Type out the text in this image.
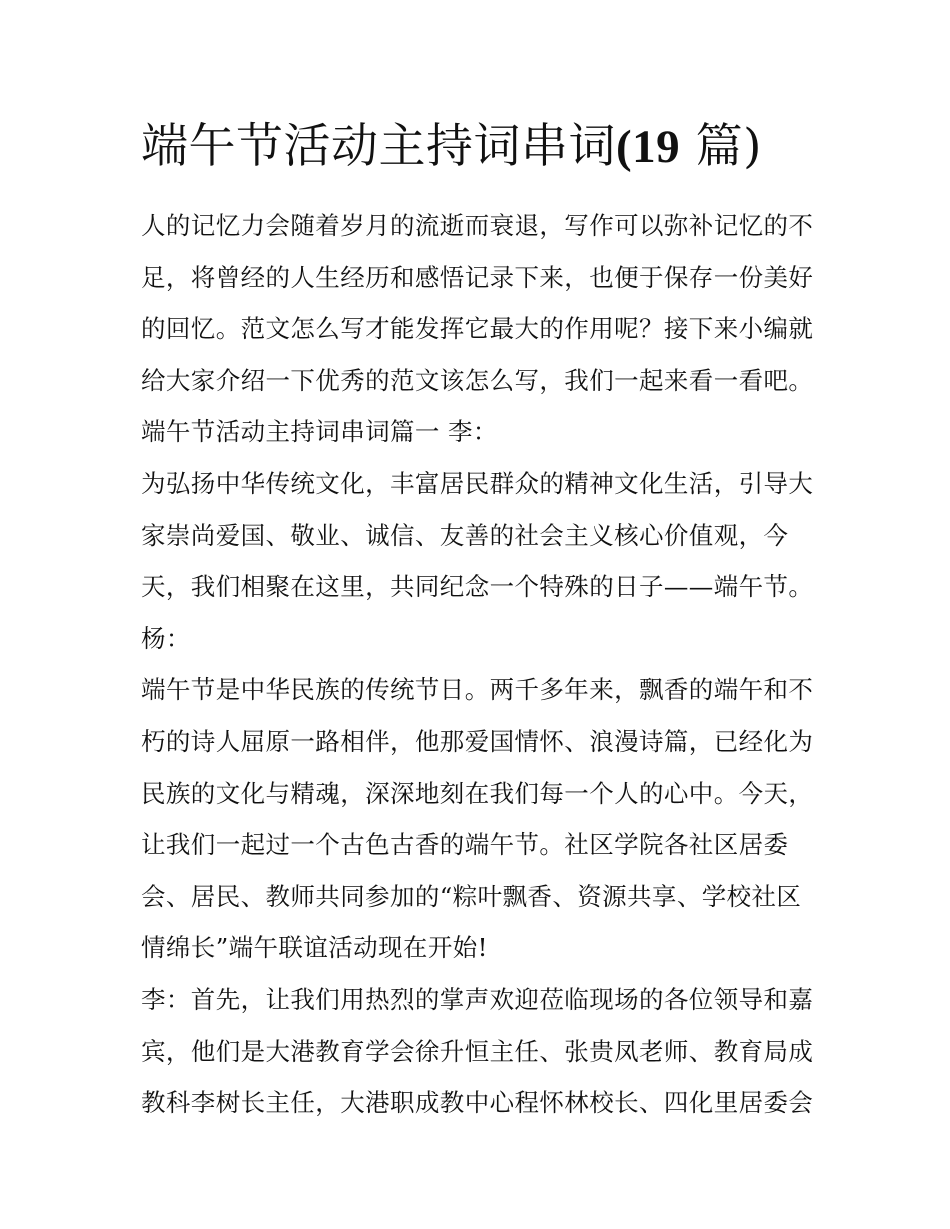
端午节活动主持词串词(19 篇)
人的记忆力会随着岁月的流逝而衰退，写作可以弥补记忆的不
足，将曾经的人生经历和感悟记录下来，也便于保存一份美好
的回忆。范文怎么写才能发挥它最大的作用呢？接下来小编就
给大家介绍一下优秀的范文该怎么写，我们一起来看一看吧。
端午节活动主持词串词篇一 李：
为弘扬中华传统文化，丰富居民群众的精神文化生活，引导大
家崇尚爱国、敬业、诚信、友善的社会主义核心价值观，今
天，我们相聚在这里，共同纪念一个特殊的日子——端午节。
杨：
端午节是中华民族的传统节日。两千多年来，飘香的端午和不
朽的诗人屈原一路相伴，他那爱国情怀、浪漫诗篇，已经化为
民族的文化与精魂，深深地刻在我们每一个人的心中。今天，
让我们一起过一个古色古香的端午节。社区学院各社区居委
会、居民、教师共同参加的“粽叶飘香、资源共享、学校社区
情绵长”端午联谊活动现在开始!
李：首先，让我们用热烈的掌声欢迎莅临现场的各位领导和嘉
宾，他们是大港教育学会徐升恒主任、张贵凤老师、教育局成
教科李树长主任，大港职成教中心程怀林校长、四化里居委会
